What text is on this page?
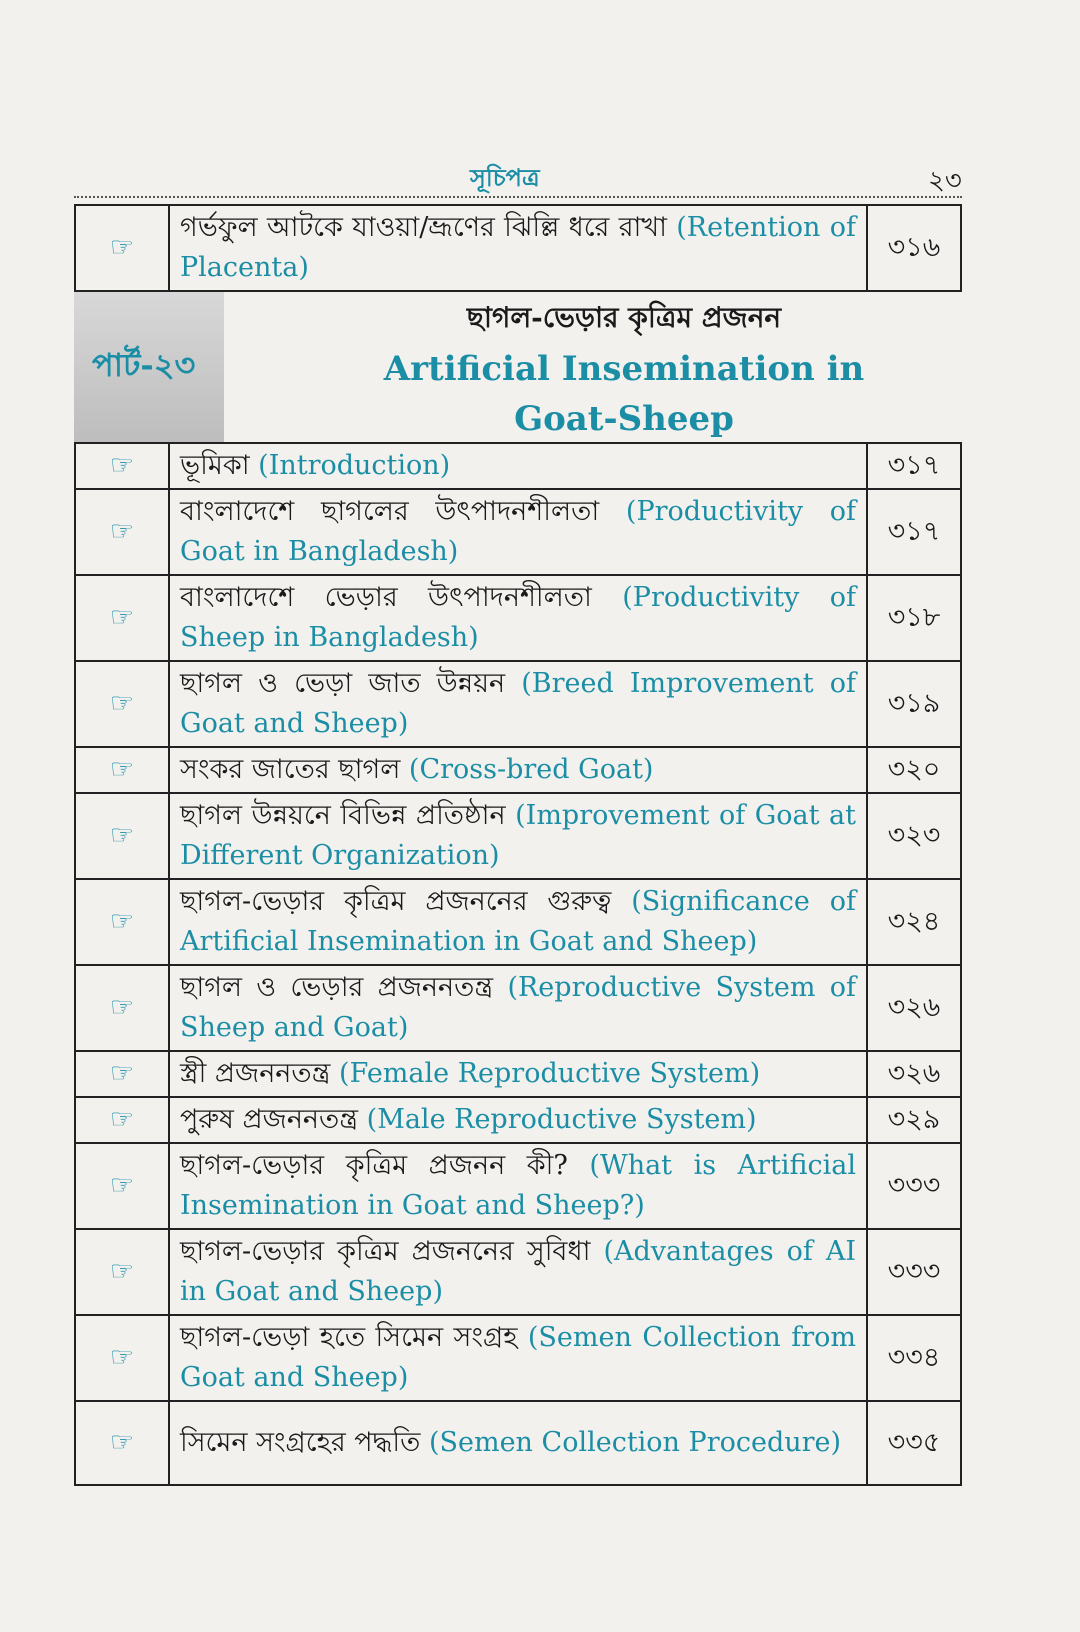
সূচিপত্র	২৩
☞	গর্ভফুল আটকে যাওয়া/ভ্রূণের ঝিল্লি ধরে রাখা (Retention of Placenta)	৩১৬
পার্ট-২৩
ছাগল-ভেড়ার কৃত্রিম প্রজনন
Artificial Insemination in
Goat-Sheep
☞	ভূমিকা (Introduction)	৩১৭
☞	বাংলাদেশে ছাগলের উৎপাদনশীলতা (Productivity of Goat in Bangladesh)	৩১৭
☞	বাংলাদেশে ভেড়ার উৎপাদনশীলতা (Productivity of Sheep in Bangladesh)	৩১৮
☞	ছাগল ও ভেড়া জাত উন্নয়ন (Breed Improvement of Goat and Sheep)	৩১৯
☞	সংকর জাতের ছাগল (Cross-bred Goat)	৩২০
☞	ছাগল উন্নয়নে বিভিন্ন প্রতিষ্ঠান (Improvement of Goat at Different Organization)	৩২৩
☞	ছাগল-ভেড়ার কৃত্রিম প্রজননের গুরুত্ব (Significance of Artificial Insemination in Goat and Sheep)	৩২৪
☞	ছাগল ও ভেড়ার প্রজননতন্ত্র (Reproductive System of Sheep and Goat)	৩২৬
☞	স্ত্রী প্রজননতন্ত্র (Female Reproductive System)	৩২৬
☞	পুরুষ প্রজননতন্ত্র (Male Reproductive System)	৩২৯
☞	ছাগল-ভেড়ার কৃত্রিম প্রজনন কী? (What is Artificial Insemination in Goat and Sheep?)	৩৩৩
☞	ছাগল-ভেড়ার কৃত্রিম প্রজননের সুবিধা (Advantages of AI in Goat and Sheep)	৩৩৩
☞	ছাগল-ভেড়া হতে সিমেন সংগ্রহ (Semen Collection from Goat and Sheep)	৩৩৪
☞	সিমেন সংগ্রহের পদ্ধতি (Semen Collection Procedure)	৩৩৫
